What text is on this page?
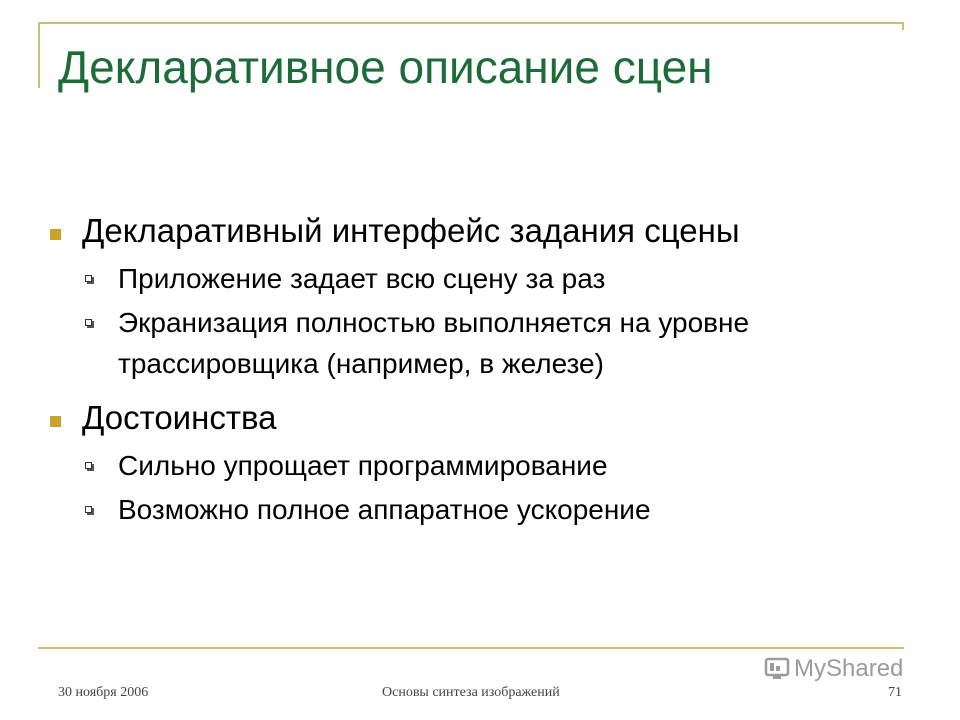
Декларативное описание сцен
Декларативный интерфейс задания сцены
Приложение задает всю сцену за раз
Экранизация полностью выполняется на уровне трассировщика (например, в железе)
Достоинства
Сильно упрощает программирование
Возможно полное аппаратное ускорение
MyShared
30 ноября 2006	Основы синтеза изображений	71
